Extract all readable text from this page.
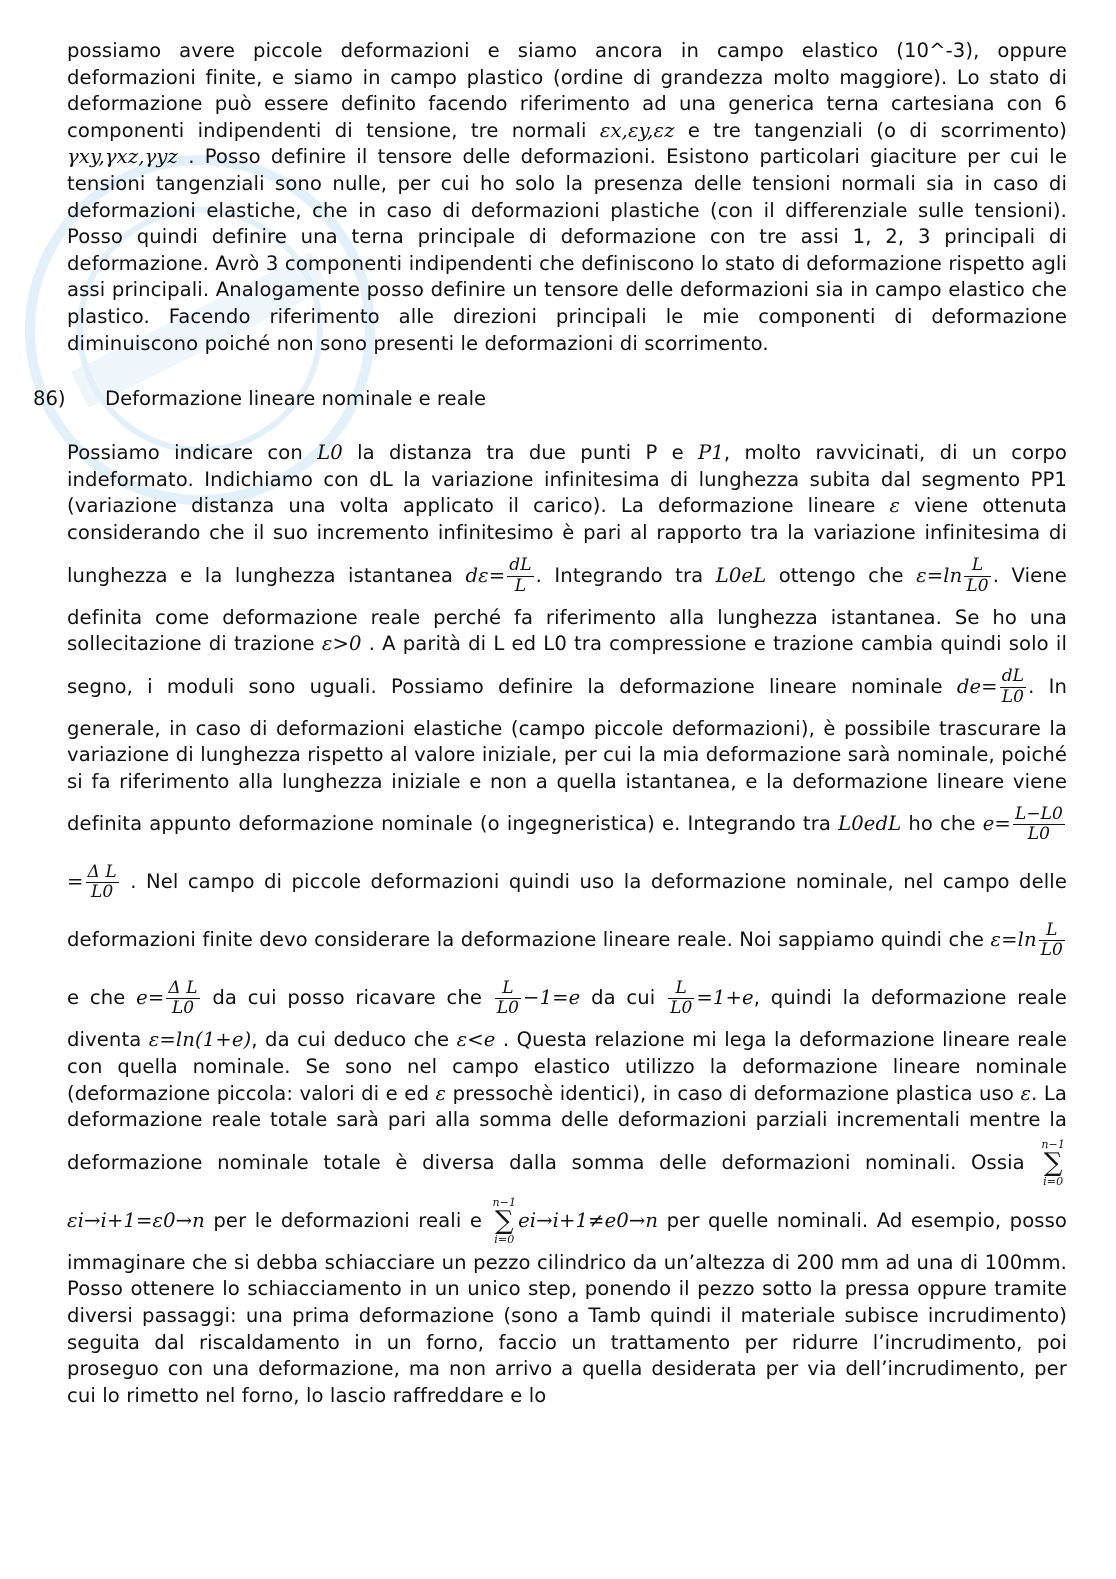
possiamo avere piccole deformazioni e siamo ancora in campo elastico (10^-3), oppure deformazioni finite, e siamo in campo plastico (ordine di grandezza molto maggiore). Lo stato di deformazione può essere definito facendo riferimento ad una generica terna cartesiana con 6 componenti indipendenti di tensione, tre normali εx,εy,εz e tre tangenziali (o di scorrimento) γxy,γxz,γyz . Posso definire il tensore delle deformazioni. Esistono particolari giaciture per cui le tensioni tangenziali sono nulle, per cui ho solo la presenza delle tensioni normali sia in caso di deformazioni elastiche, che in caso di deformazioni plastiche (con il differenziale sulle tensioni). Posso quindi definire una terna principale di deformazione con tre assi 1, 2, 3 principali di deformazione. Avrò 3 componenti indipendenti che definiscono lo stato di deformazione rispetto agli assi principali. Analogamente posso definire un tensore delle deformazioni sia in campo elastico che plastico. Facendo riferimento alle direzioni principali le mie componenti di deformazione diminuiscono poiché non sono presenti le deformazioni di scorrimento.

86) Deformazione lineare nominale e reale

Possiamo indicare con L0 la distanza tra due punti P e P1, molto ravvicinati, di un corpo indeformato. Indichiamo con dL la variazione infinitesima di lunghezza subita dal segmento PP1 (variazione distanza una volta applicato il carico). La deformazione lineare ε viene ottenuta considerando che il suo incremento infinitesimo è pari al rapporto tra la variazione infinitesima di lunghezza e la lunghezza istantanea $d\varepsilon= \frac{dL}{L}$ . Integrando tra L0eL ottengo che $\varepsilon=\ln \frac{L}{L0}$ . Viene definita come deformazione reale perché fa riferimento alla lunghezza istantanea. Se ho una sollecitazione di trazione ε>0 . A parità di L ed L0 tra compressione e trazione cambia quindi solo il segno, i moduli sono uguali. Possiamo definire la deformazione lineare nominale $de= \frac{dL}{L0}$ . In generale, in caso di deformazioni elastiche (campo piccole deformazioni), è possibile trascurare la variazione di lunghezza rispetto al valore iniziale, per cui la mia deformazione sarà nominale, poiché si fa riferimento alla lunghezza iniziale e non a quella istantanea, e la deformazione lineare viene definita appunto deformazione nominale (o ingegneristica) e. Integrando tra L0edL ho che $e= \frac{L-L0}{L0}$
= $\frac{\text{Δ L}}{L0}$ . Nel campo di piccole deformazioni quindi uso la deformazione nominale, nel campo delle deformazioni finite devo considerare la deformazione lineare reale. Noi sappiamo quindi che $\varepsilon=\ln \frac{L}{L0}$
e che $e= \frac{\text{Δ L}}{L0}$ da cui posso ricavare che $\frac{L}{L0} -1=e$ da cui $\frac{L}{L0} =1+e$, quindi la deformazione reale diventa ε=ln(1+e), da cui deduco che ε<e . Questa relazione mi lega la deformazione lineare reale con quella nominale. Se sono nel campo elastico utilizzo la deformazione lineare nominale (deformazione piccola: valori di e ed ε pressochè identici), in caso di deformazione plastica uso ε. La deformazione reale totale sarà pari alla somma delle deformazioni parziali incrementali mentre la deformazione nominale totale è diversa dalla somma delle deformazioni nominali. Ossia
n−1
∑
i=0
εi→i+1=ε0→n per le deformazioni reali e
n−1
∑
i=0
ei→i+1≠e0→n per quelle nominali. Ad esempio, posso immaginare che si debba schiacciare un pezzo cilindrico da un’altezza di 200 mm ad una di 100mm. Posso ottenere lo schiacciamento in un unico step, ponendo il pezzo sotto la pressa oppure tramite diversi passaggi: una prima deformazione (sono a Tamb quindi il materiale subisce incrudimento) seguita dal riscaldamento in un forno, faccio un trattamento per ridurre l’incrudimento, poi proseguo con una deformazione, ma non arrivo a quella desiderata per via dell’incrudimento, per cui lo rimetto nel forno, lo lascio raffreddare e lo
